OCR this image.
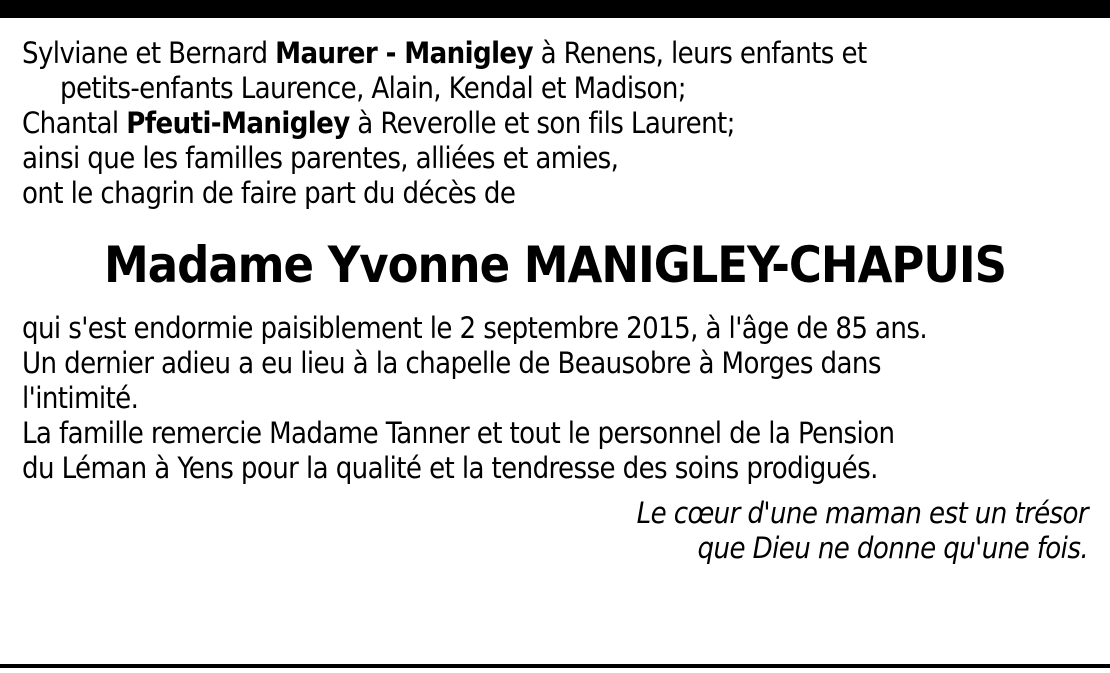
Sylviane et Bernard Maurer - Manigley à Renens, leurs enfants et
petits-enfants Laurence, Alain, Kendal et Madison;
Chantal Pfeuti-Manigley à Reverolle et son fils Laurent;
ainsi que les familles parentes, alliées et amies,
ont le chagrin de faire part du décès de
Madame Yvonne MANIGLEY-CHAPUIS
qui s'est endormie paisiblement le 2 septembre 2015, à l'âge de 85 ans.
Un dernier adieu a eu lieu à la chapelle de Beausobre à Morges dans
l'intimité.
La famille remercie Madame Tanner et tout le personnel de la Pension
du Léman à Yens pour la qualité et la tendresse des soins prodigués.
Le cœur d'une maman est un trésor
que Dieu ne donne qu'une fois.
